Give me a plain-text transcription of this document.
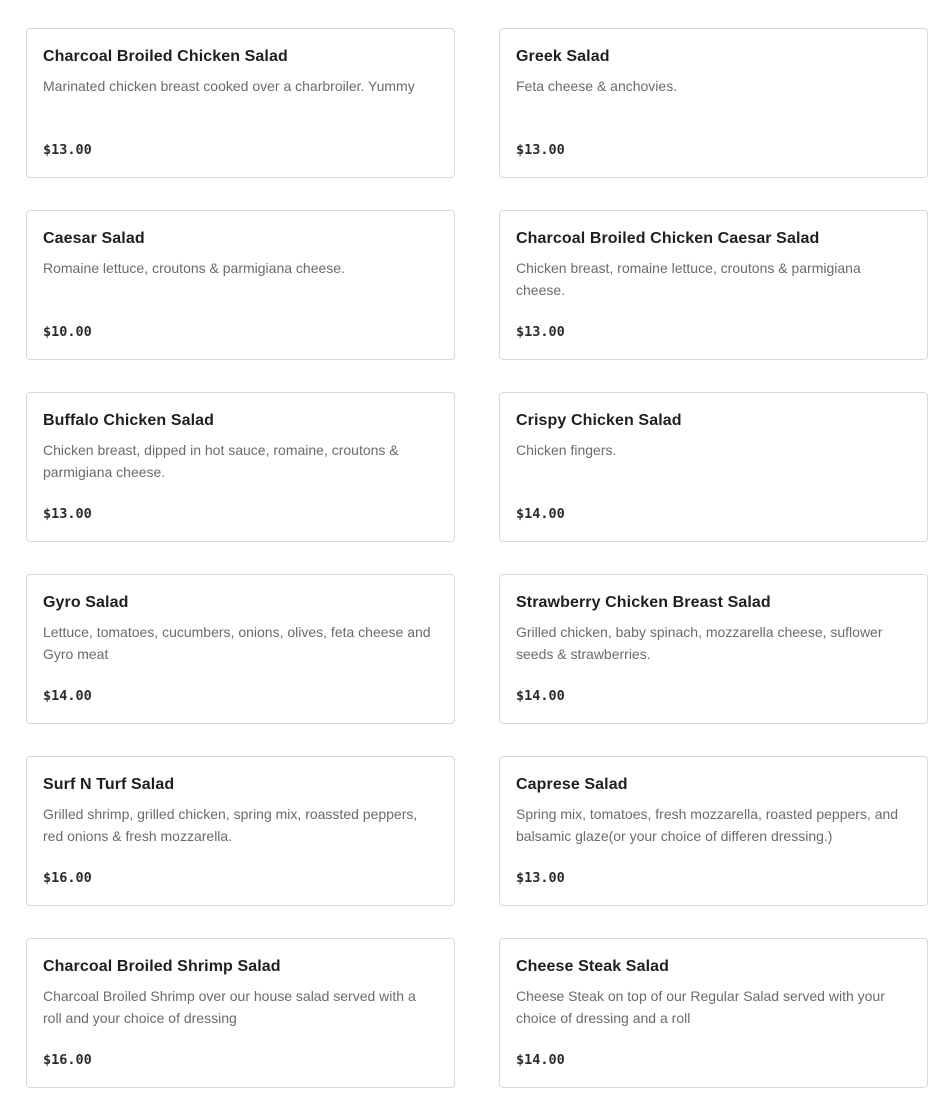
Charcoal Broiled Chicken Salad
Marinated chicken breast cooked over a charbroiler. Yummy
$13.00
Greek Salad
Feta cheese & anchovies.
$13.00
Caesar Salad
Romaine lettuce, croutons & parmigiana cheese.
$10.00
Charcoal Broiled Chicken Caesar Salad
Chicken breast, romaine lettuce, croutons & parmigiana cheese.
$13.00
Buffalo Chicken Salad
Chicken breast, dipped in hot sauce, romaine, croutons & parmigiana cheese.
$13.00
Crispy Chicken Salad
Chicken fingers.
$14.00
Gyro Salad
Lettuce, tomatoes, cucumbers, onions, olives, feta cheese and Gyro meat
$14.00
Strawberry Chicken Breast Salad
Grilled chicken, baby spinach, mozzarella cheese, suflower seeds & strawberries.
$14.00
Surf N Turf Salad
Grilled shrimp, grilled chicken, spring mix, roassted peppers, red onions & fresh mozzarella.
$16.00
Caprese Salad
Spring mix, tomatoes, fresh mozzarella, roasted peppers, and balsamic glaze(or your choice of differen dressing.)
$13.00
Charcoal Broiled Shrimp Salad
Charcoal Broiled Shrimp over our house salad served with a roll and your choice of dressing
$16.00
Cheese Steak Salad
Cheese Steak on top of our Regular Salad served with your choice of dressing and a roll
$14.00
